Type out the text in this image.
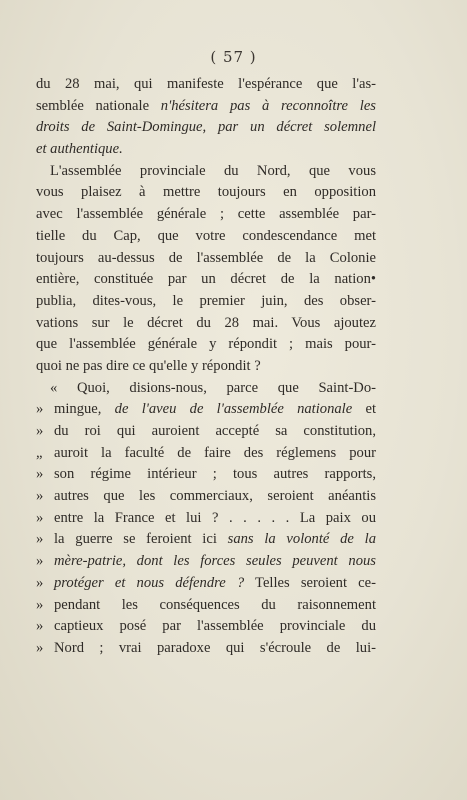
( 57 )
du 28 mai, qui manifeste l'espérance que l'as-
semblée nationale n'hésitera pas à reconnoître les
droits de Saint-Domingue, par un décret solemnel
et authentique.
L'assemblée provinciale du Nord, que vous
vous plaisez à mettre toujours en opposition
avec l'assemblée générale ; cette assemblée par-
tielle du Cap, que votre condescendance met
toujours au-dessus de l'assemblée de la Colonie
entière, constituée par un décret de la nation•
publia, dites-vous, le premier juin, des obser-
vations sur le décret du 28 mai. Vous ajoutez
que l'assemblée générale y répondit ; mais pour-
quoi ne pas dire ce qu'elle y répondit ?
« Quoi, disions-nous, parce que Saint-Do-
» mingue, de l'aveu de l'assemblée nationale et
» du roi qui auroient accepté sa constitution,
„ auroit la faculté de faire des réglemens pour
» son régime intérieur ; tous autres rapports,
» autres que les commerciaux, seroient anéantis
» entre la France et lui ? . . . . . La paix ou
» la guerre se feroient ici sans la volonté de la
» mère-patrie, dont les forces seules peuvent nous
» protéger et nous défendre ? Telles seroient ce-
» pendant les conséquences du raisonnement
» captieux posé par l'assemblée provinciale du
» Nord ; vrai paradoxe qui s'écroule de lui-
